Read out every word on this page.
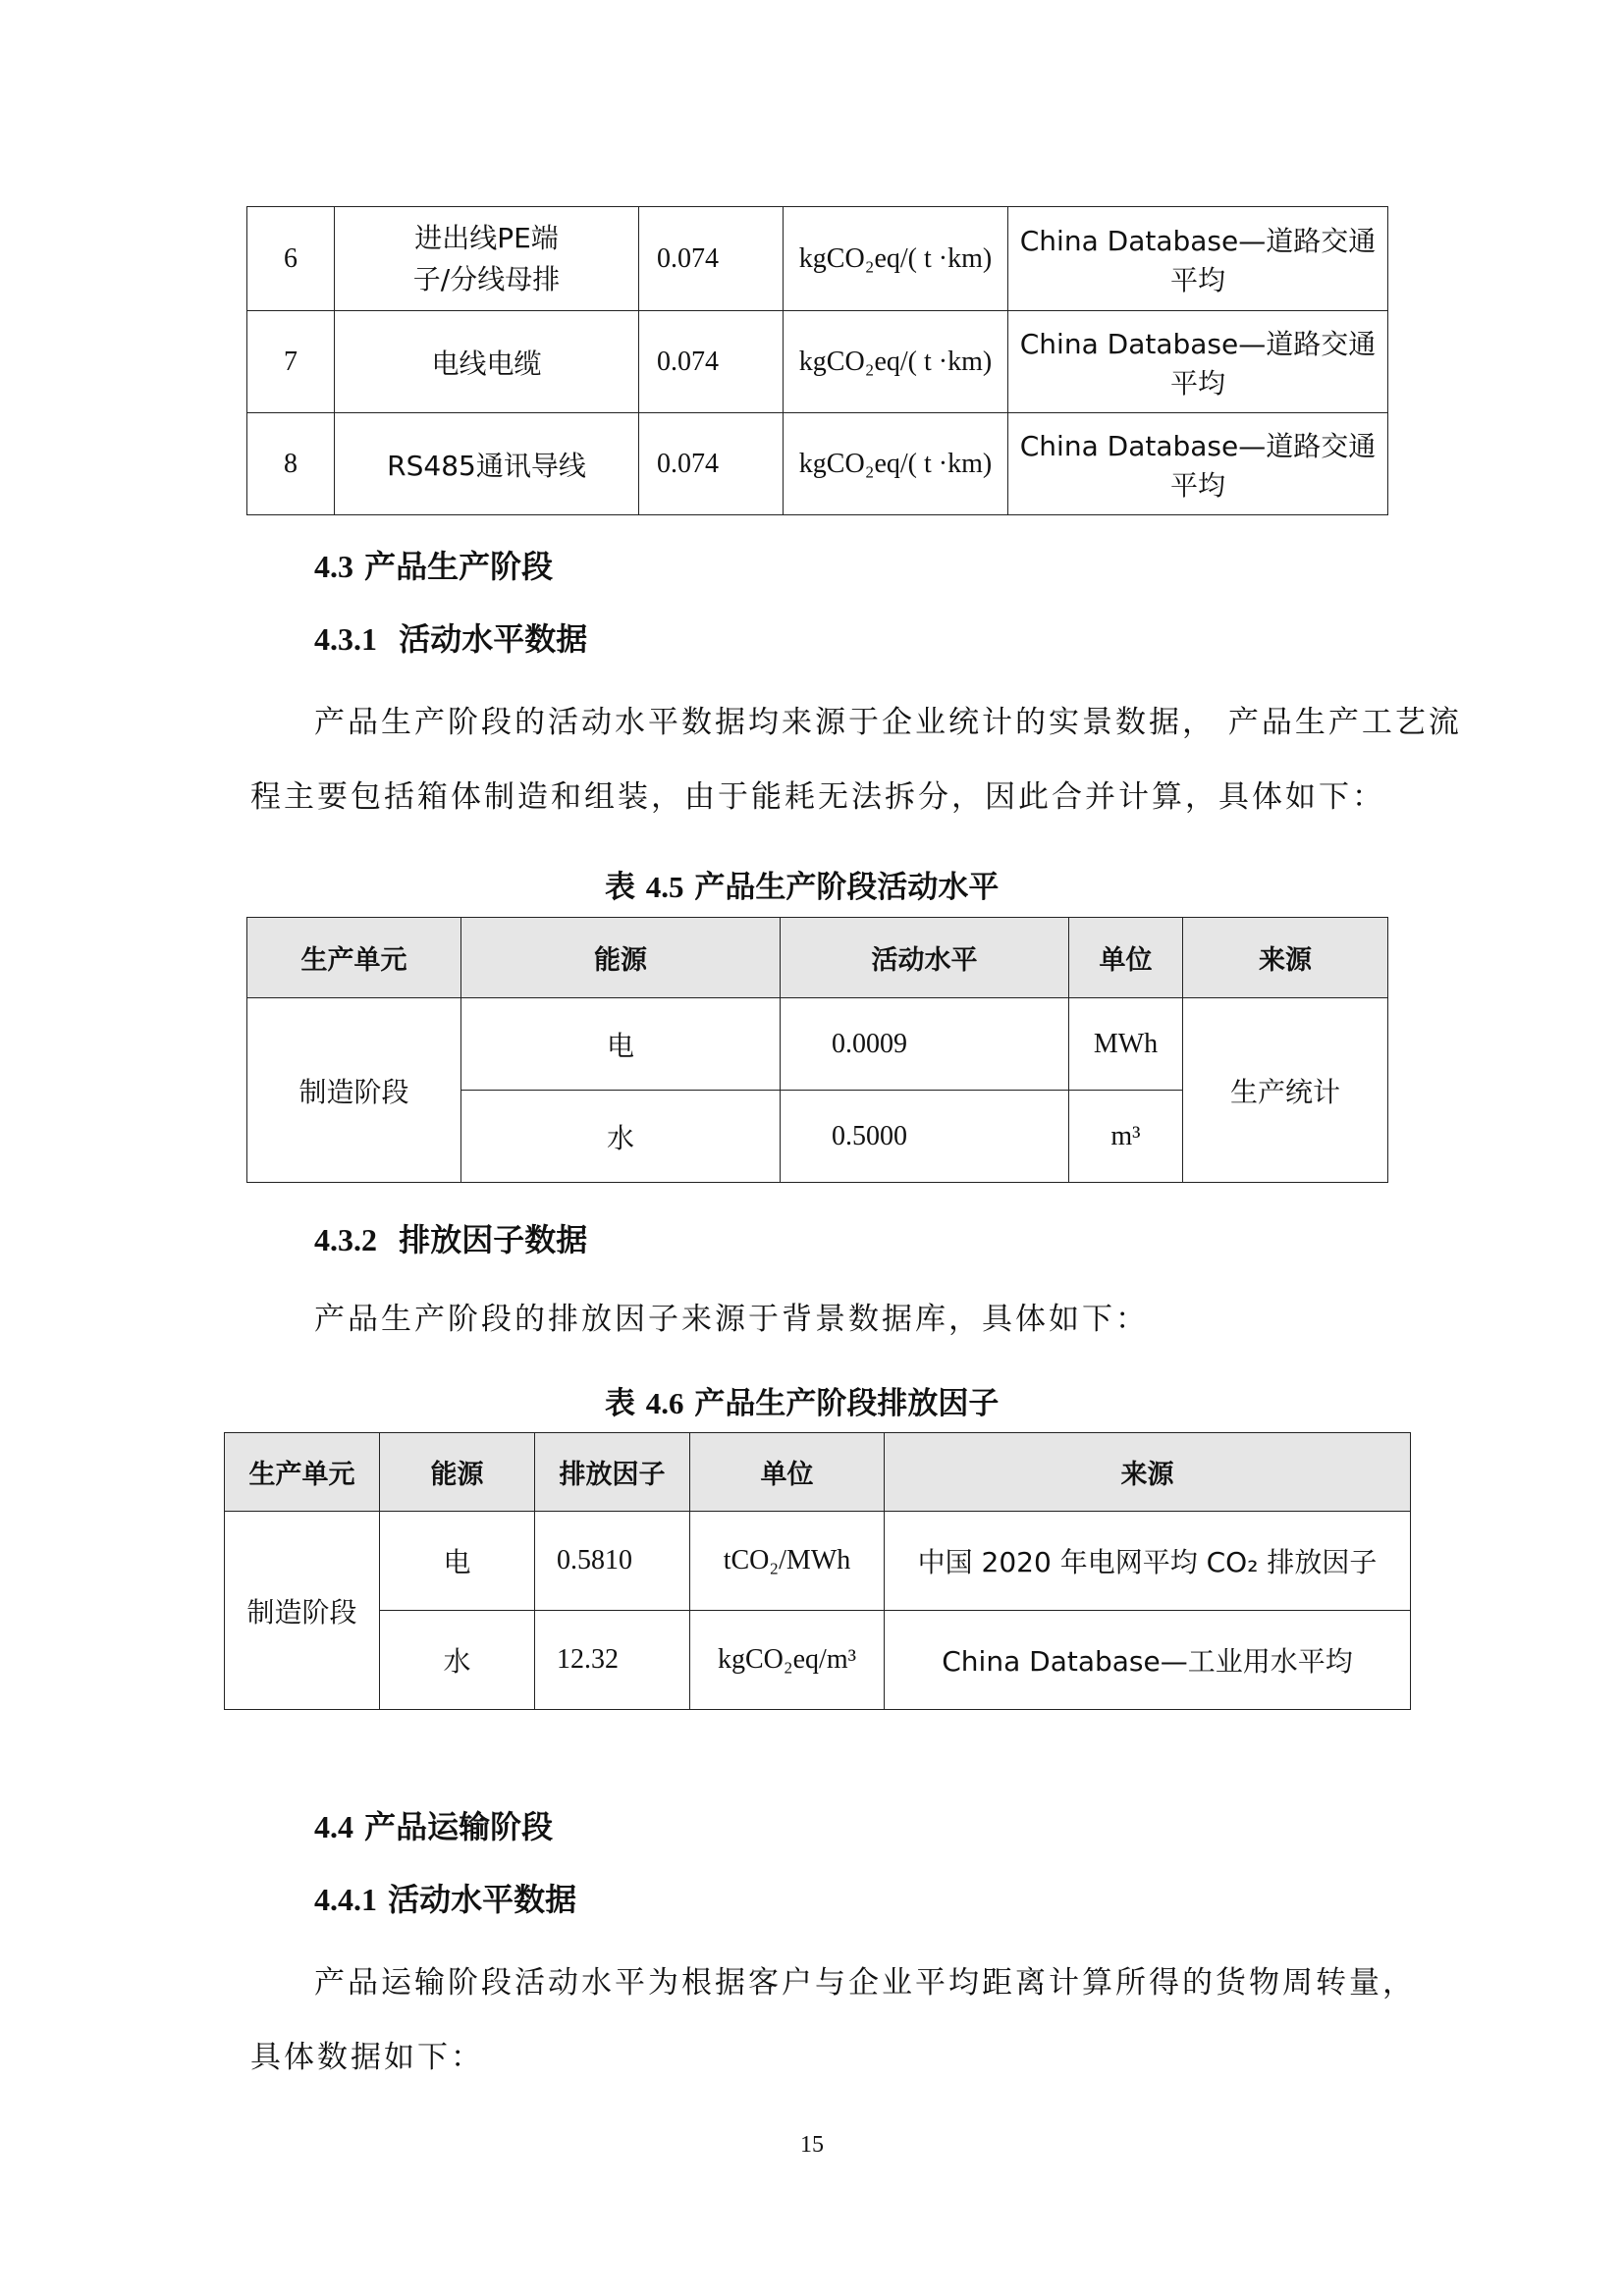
6	进出线PE端子/分线母排	0.074	kgCO₂eq/( t ·km)	China Database—道路交通平均
7	电线电缆	0.074	kgCO₂eq/( t ·km)	China Database—道路交通平均
8	RS485通讯导线	0.074	kgCO₂eq/( t ·km)	China Database—道路交通平均
4.3 产品生产阶段
4.3.1 活动水平数据
产品生产阶段的活动水平数据均来源于企业统计的实景数据， 产品生产工艺流
程主要包括箱体制造和组装，由于能耗无法拆分，因此合并计算，具体如下：
表 4.5 产品生产阶段活动水平
生产单元	能源	活动水平	单位	来源
制造阶段	电	0.0009	MWh	生产统计
	水	0.5000	m³	
4.3.2 排放因子数据
产品生产阶段的排放因子来源于背景数据库，具体如下：
表 4.6 产品生产阶段排放因子
生产单元	能源	排放因子	单位	来源
制造阶段	电	0.5810	tCO₂/MWh	中国 2020 年电网平均 CO₂ 排放因子
	水	12.32	kgCO₂eq/m³	China Database—工业用水平均
4.4 产品运输阶段
4.4.1 活动水平数据
产品运输阶段活动水平为根据客户与企业平均距离计算所得的货物周转量，
具体数据如下：
15
